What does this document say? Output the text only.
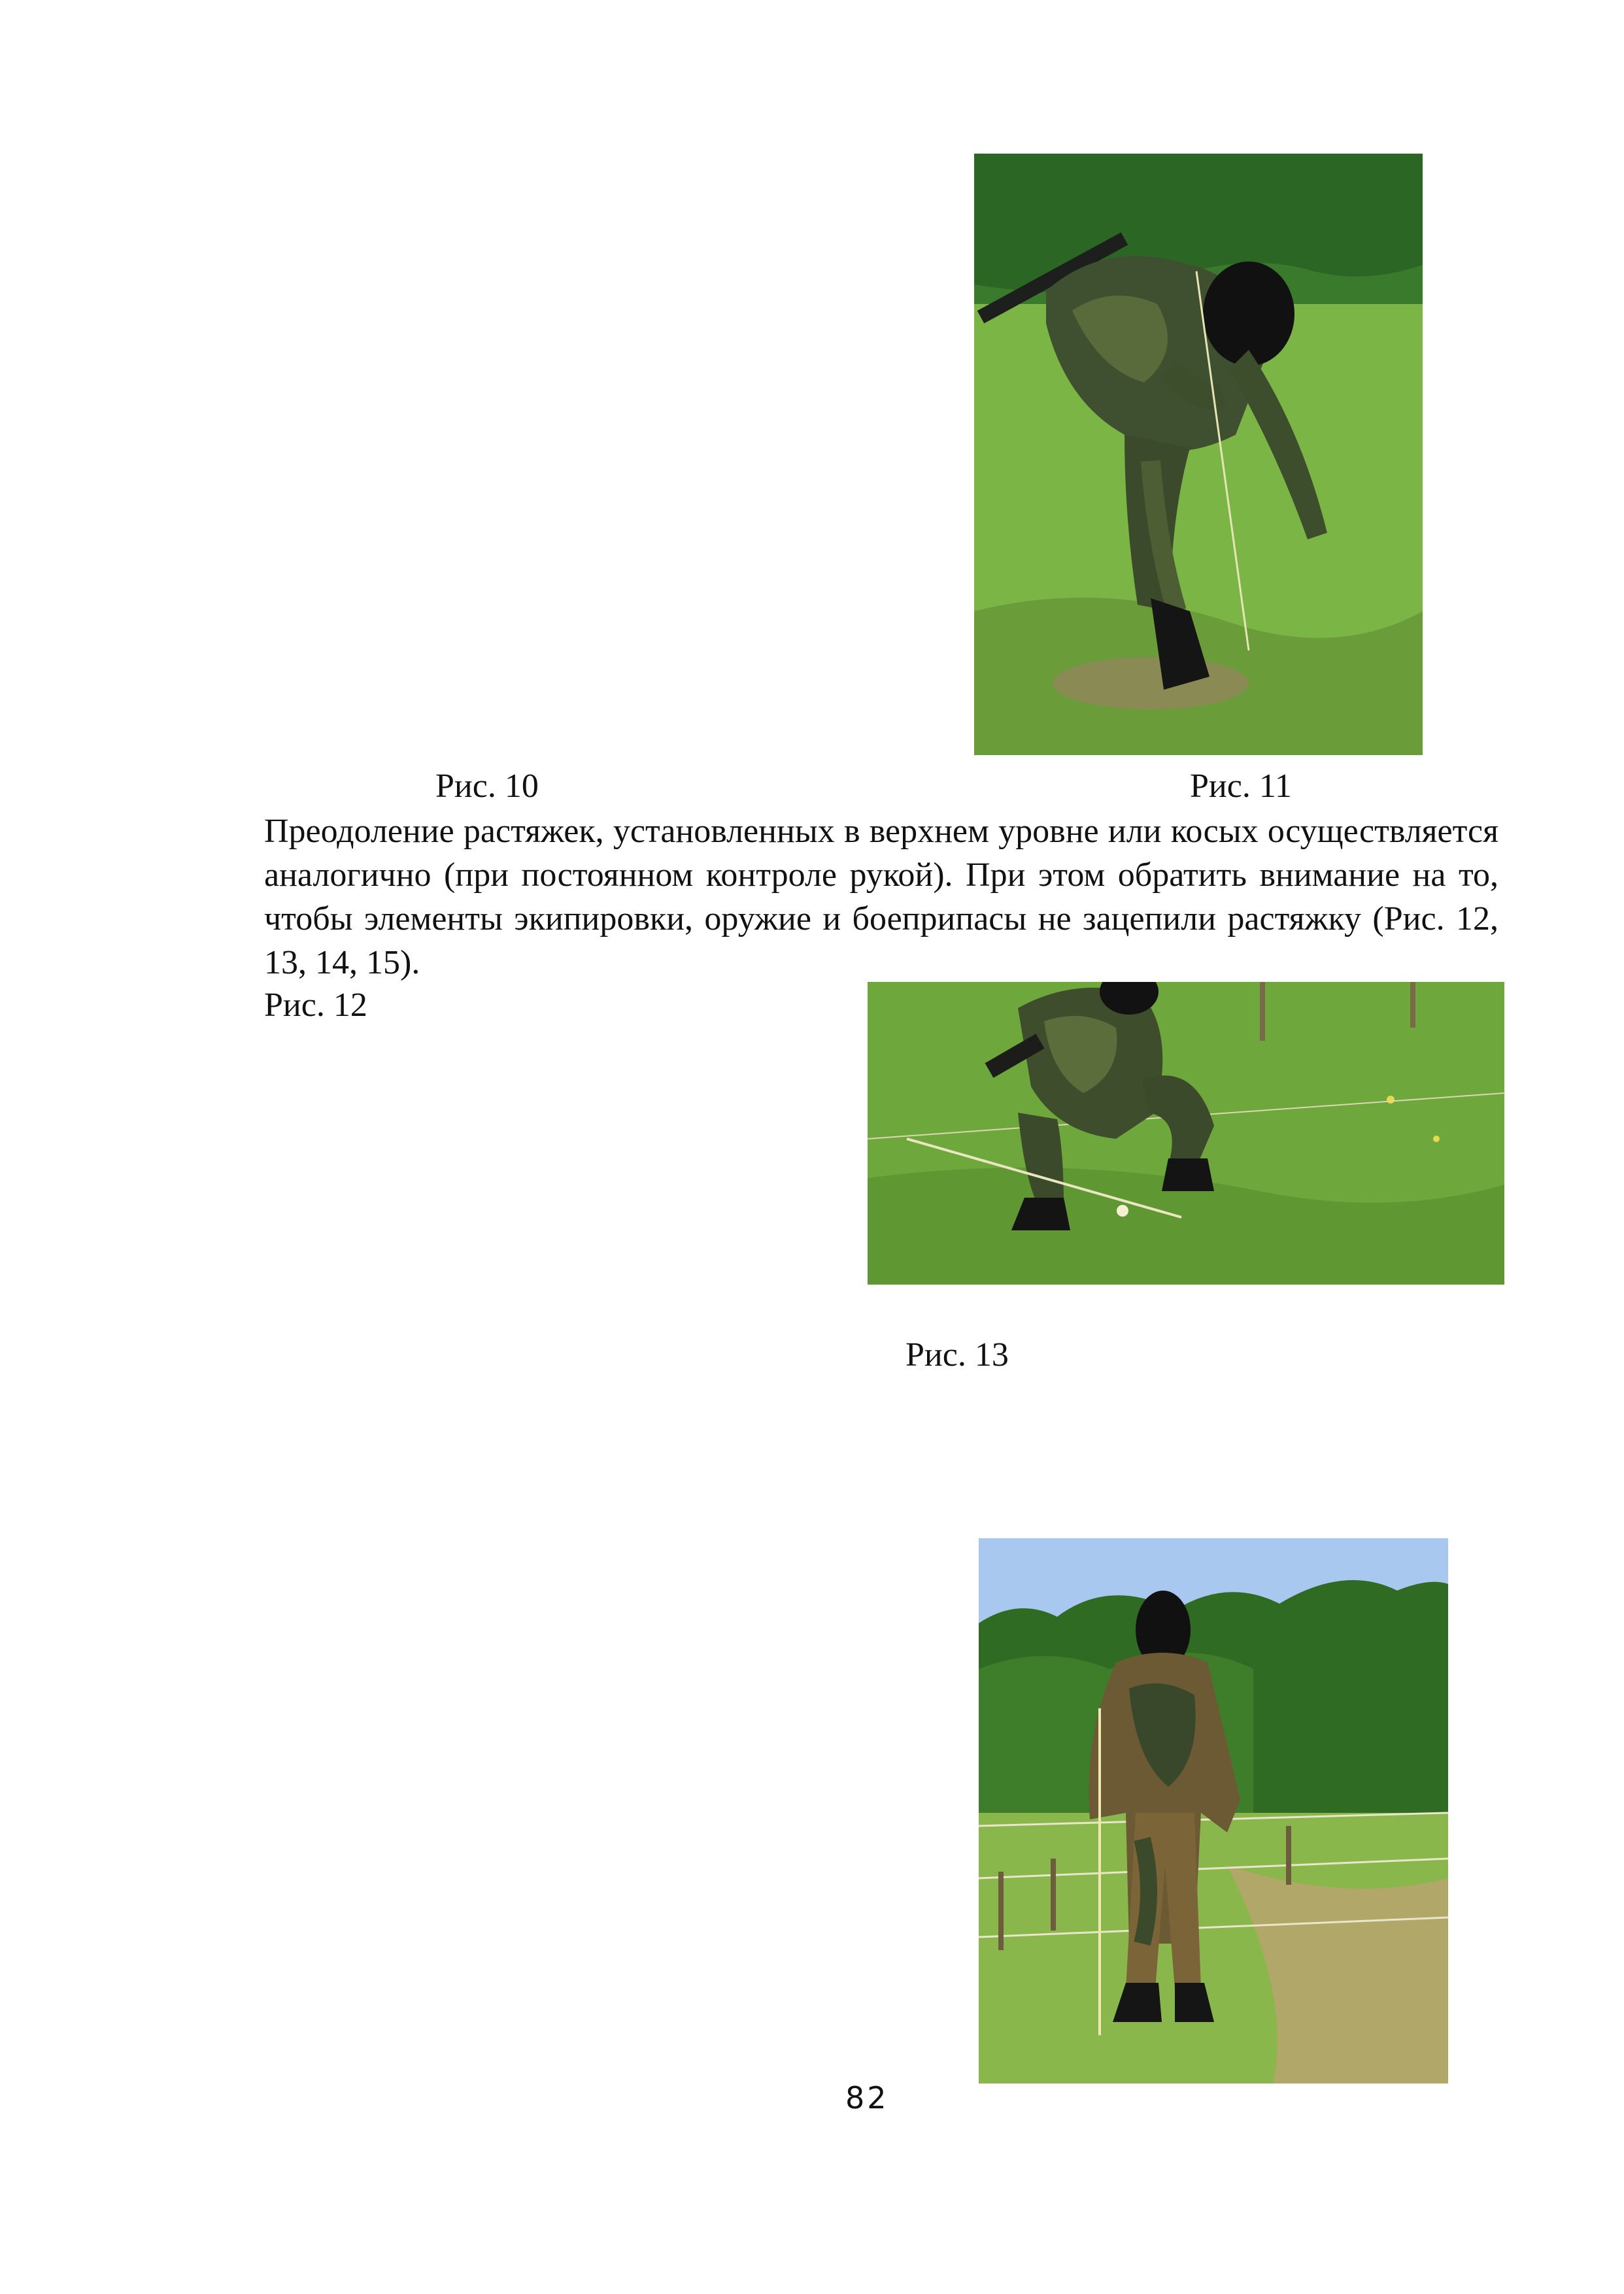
Рис. 10	Рис. 11

Преодоление растяжек, установленных в верхнем уровне или косых осуществляется аналогично (при постоянном контроле рукой). При этом обратить внимание на то, чтобы элементы экипировки, оружие и боеприпасы не зацепили растяжку (Рис. 12, 13, 14, 15).

Рис. 12
Рис. 13
82
